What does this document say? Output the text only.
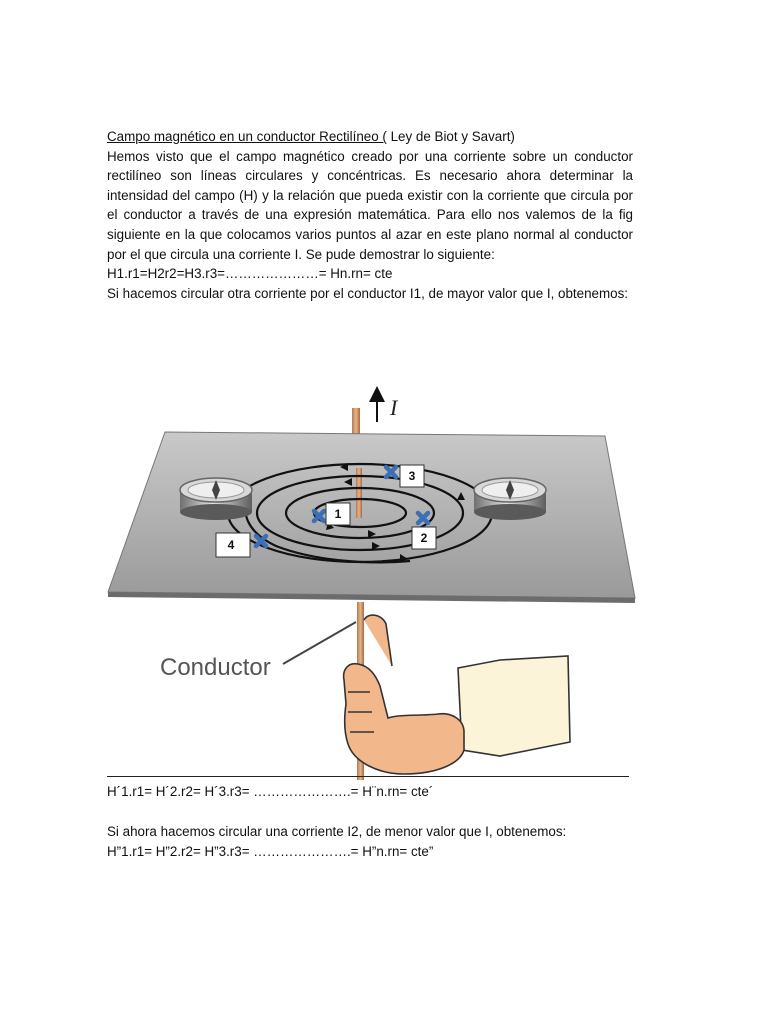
Campo magnético en un conductor Rectilíneo ( Ley de Biot y Savart)
Hemos visto que el campo magnético creado por una corriente sobre un conductor rectilíneo son líneas circulares y concéntricas. Es necesario ahora determinar la intensidad del campo (H) y la relación que pueda existir con la corriente que circula por el conductor a través de una expresión matemática. Para ello nos valemos de la fig siguiente en la que colocamos varios puntos al azar en este plano normal al conductor por el que circula una corriente I. Se pude demostrar lo siguiente:
H1.r1=H2r2=H3.r3=…………………= Hn.rn= cte
Si hacemos circular otra corriente por el conductor I1, de mayor valor que I, obtenemos:
I
1
2
3
4
Conductor
H´1.r1= H´2.r2= H´3.r3= ………………….= H¨n.rn= cte´
Si ahora hacemos circular una corriente I2, de menor valor que I, obtenemos:
H”1.r1= H”2.r2= H”3.r3= ………………….= H”n.rn= cte”
